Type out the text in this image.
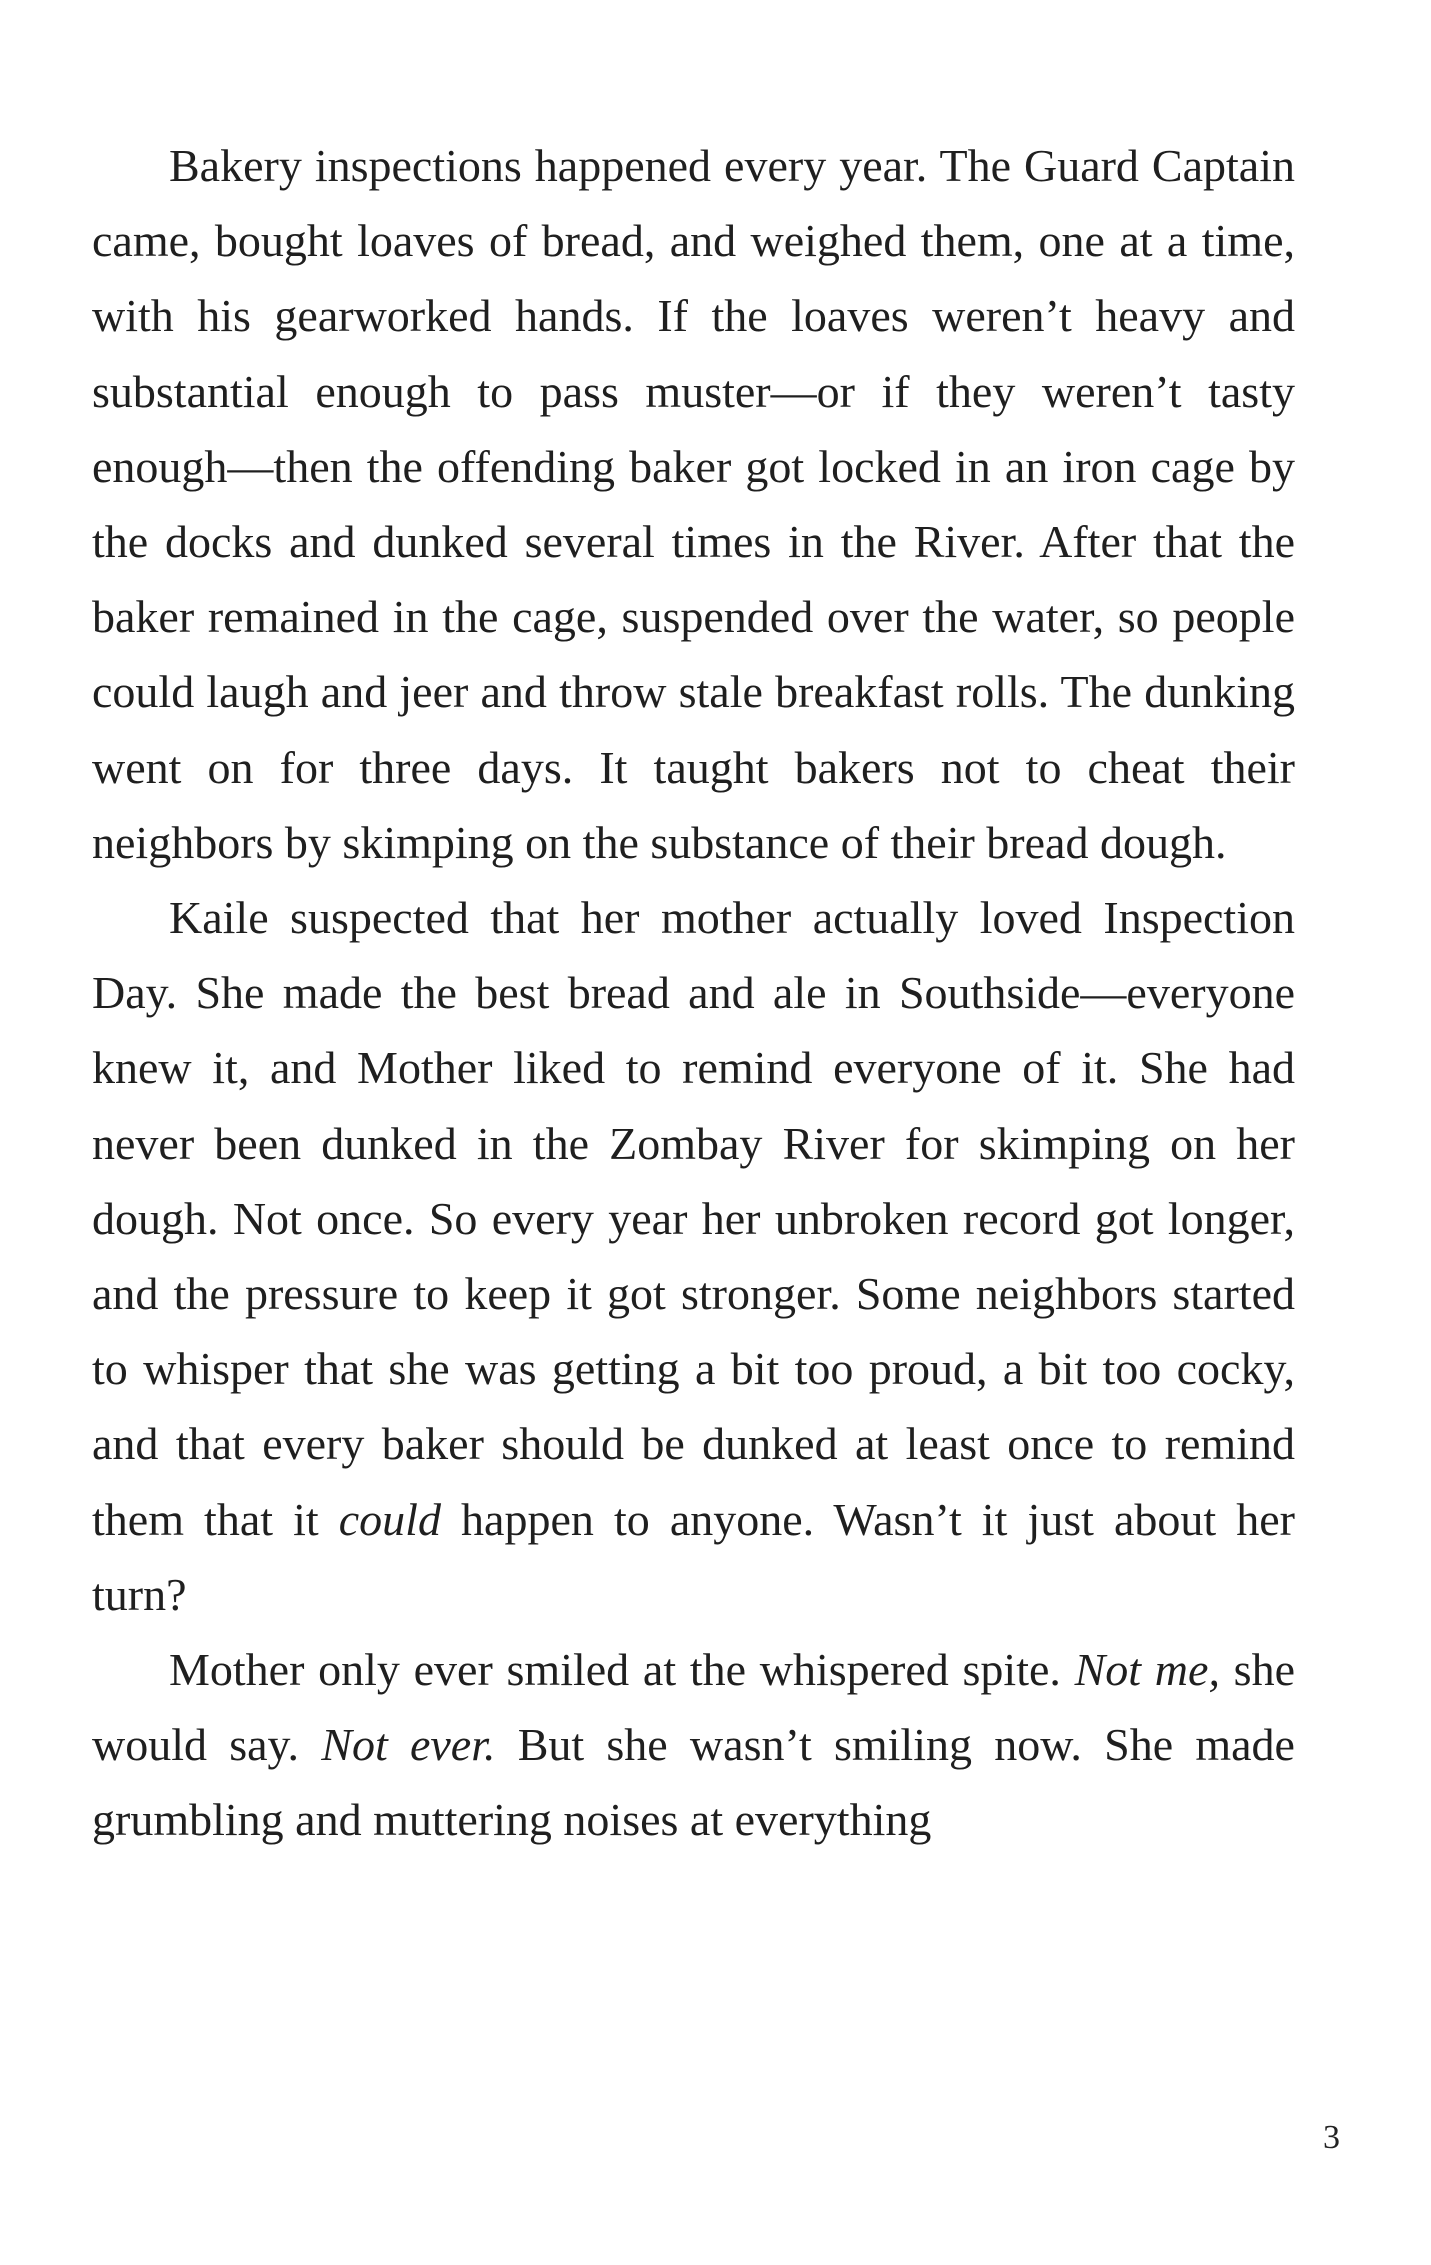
Bakery inspections happened every year. The Guard Captain came, bought loaves of bread, and weighed them, one at a time, with his gearworked hands. If the loaves weren’t heavy and substantial enough to pass muster—or if they weren’t tasty enough—then the offending baker got locked in an iron cage by the docks and dunked several times in the River. After that the baker remained in the cage, suspended over the water, so people could laugh and jeer and throw stale breakfast rolls. The dunking went on for three days. It taught bakers not to cheat their neighbors by skimping on the substance of their bread dough.

Kaile suspected that her mother actually loved Inspection Day. She made the best bread and ale in Southside—everyone knew it, and Mother liked to remind everyone of it. She had never been dunked in the Zombay River for skimping on her dough. Not once. So every year her unbroken record got longer, and the pressure to keep it got stronger. Some neighbors started to whisper that she was getting a bit too proud, a bit too cocky, and that every baker should be dunked at least once to remind them that it could happen to anyone. Wasn’t it just about her turn?

Mother only ever smiled at the whispered spite. Not me, she would say. Not ever. But she wasn’t smiling now. She made grumbling and muttering noises at everything

3
